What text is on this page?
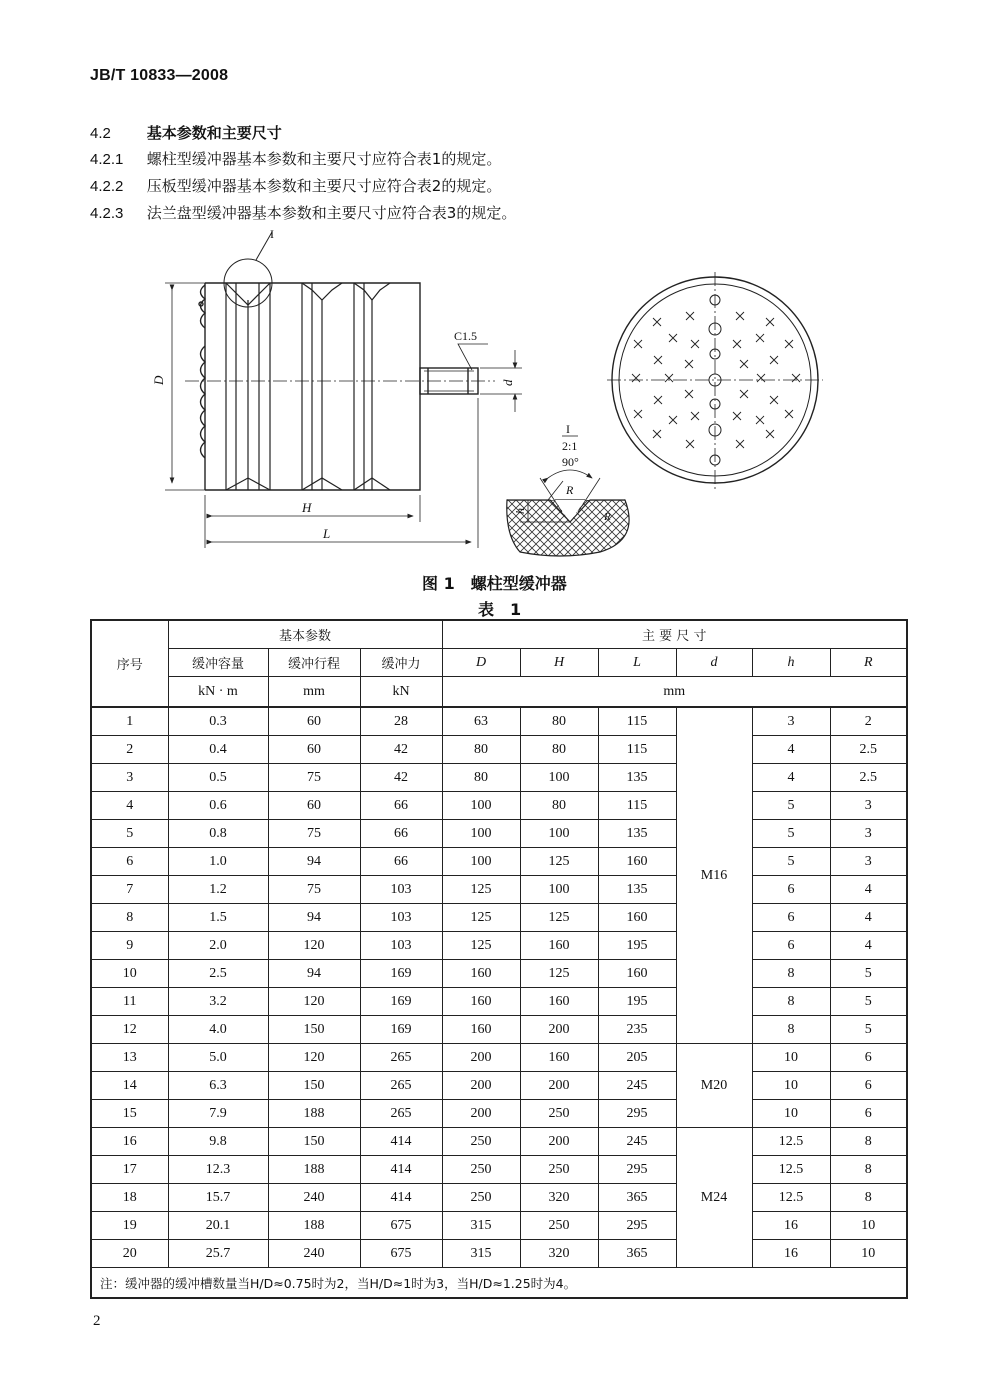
JB/T 10833—2008
4.2 基本参数和主要尺寸
4.2.1 螺柱型缓冲器基本参数和主要尺寸应符合表1的规定。
4.2.2 压板型缓冲器基本参数和主要尺寸应符合表2的规定。
4.2.3 法兰盘型缓冲器基本参数和主要尺寸应符合表3的规定。
D
H
L
d
C1.5
I
I
2:1
90°
R
R
h
图 1　螺柱型缓冲器
表　1
序号	基本参数			主 要 尺 寸					
	缓冲容量	缓冲行程	缓冲力	D	H	L	d	h	R
	kN · m	mm	kN	mm					
1	0.3	60	28	63	80	115	M16	3	2
2	0.4	60	42	80	80	115		4	2.5
3	0.5	75	42	80	100	135		4	2.5
4	0.6	60	66	100	80	115		5	3
5	0.8	75	66	100	100	135		5	3
6	1.0	94	66	100	125	160		5	3
7	1.2	75	103	125	100	135		6	4
8	1.5	94	103	125	125	160		6	4
9	2.0	120	103	125	160	195		6	4
10	2.5	94	169	160	125	160		8	5
11	3.2	120	169	160	160	195		8	5
12	4.0	150	169	160	200	235		8	5
13	5.0	120	265	200	160	205	M20	10	6
14	6.3	150	265	200	200	245		10	6
15	7.9	188	265	200	250	295		10	6
16	9.8	150	414	250	200	245	M24	12.5	8
17	12.3	188	414	250	250	295		12.5	8
18	15.7	240	414	250	320	365		12.5	8
19	20.1	188	675	315	250	295		16	10
20	25.7	240	675	315	320	365		16	10
注：缓冲器的缓冲槽数量当H/D≈0.75时为2，当H/D≈1时为3，当H/D≈1.25时为4。									
2
